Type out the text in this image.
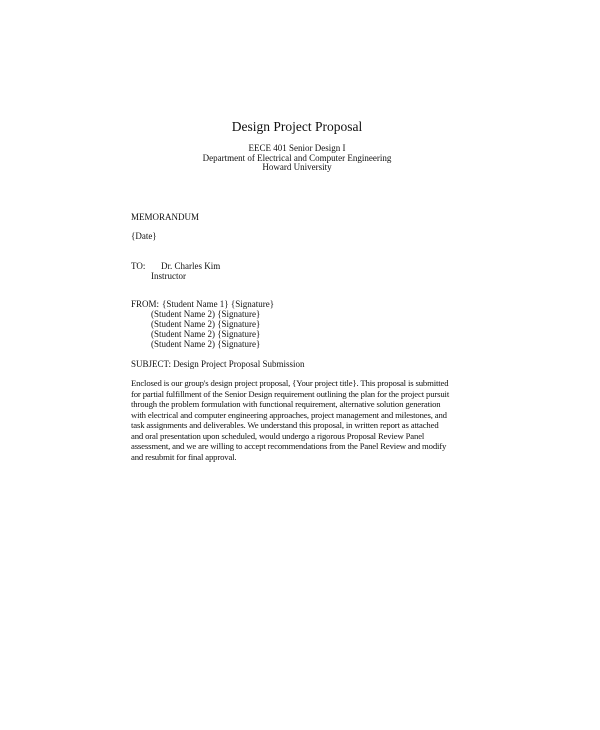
Design Project Proposal
EECE 401 Senior Design I
Department of Electrical and Computer Engineering
Howard University
MEMORANDUM
{Date}
TO: Dr. Charles Kim
Instructor
FROM: {Student Name 1} {Signature}
(Student Name 2) {Signature}
(Student Name 2) {Signature}
(Student Name 2) {Signature}
(Student Name 2) {Signature}
SUBJECT: Design Project Proposal Submission
Enclosed is our group's design project proposal, {Your project title}. This proposal is submitted
for partial fulfillment of the Senior Design requirement outlining the plan for the project pursuit
through the problem formulation with functional requirement, alternative solution generation
with electrical and computer engineering approaches, project management and milestones, and
task assignments and deliverables. We understand this proposal, in written report as attached
and oral presentation upon scheduled, would undergo a rigorous Proposal Review Panel
assessment, and we are willing to accept recommendations from the Panel Review and modify
and resubmit for final approval.
